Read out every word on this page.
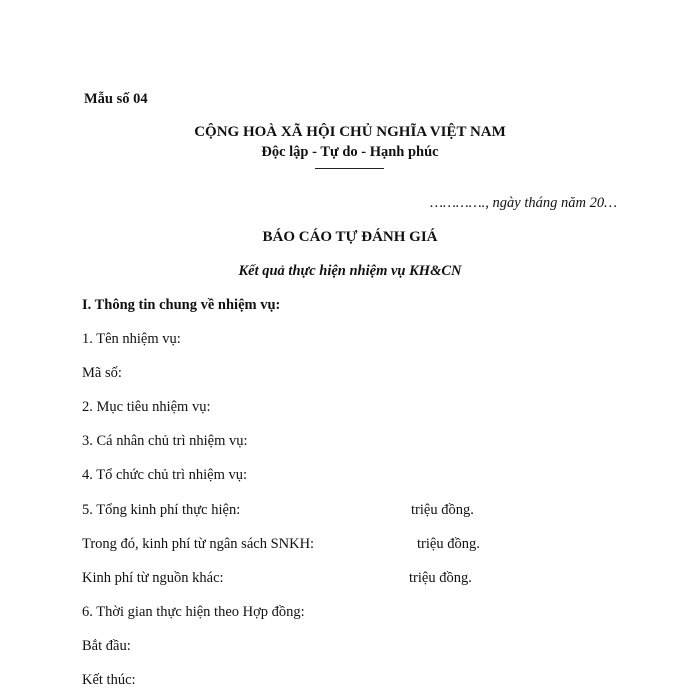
Mẫu số 04
CỘNG HOÀ XÃ HỘI CHỦ NGHĨA VIỆT NAM
Độc lập - Tự do - Hạnh phúc
…………., ngày tháng năm 20…
BÁO CÁO TỰ ĐÁNH GIÁ
Kết quả thực hiện nhiệm vụ KH&CN
I. Thông tin chung về nhiệm vụ:
1. Tên nhiệm vụ:
Mã số:
2. Mục tiêu nhiệm vụ:
3. Cá nhân chủ trì nhiệm vụ:
4. Tổ chức chủ trì nhiệm vụ:
5. Tổng kinh phí thực hiện:	triệu đồng.
Trong đó, kinh phí từ ngân sách SNKH:	triệu đồng.
Kinh phí từ nguồn khác:	triệu đồng.
6. Thời gian thực hiện theo Hợp đồng:
Bắt đầu:
Kết thúc:
